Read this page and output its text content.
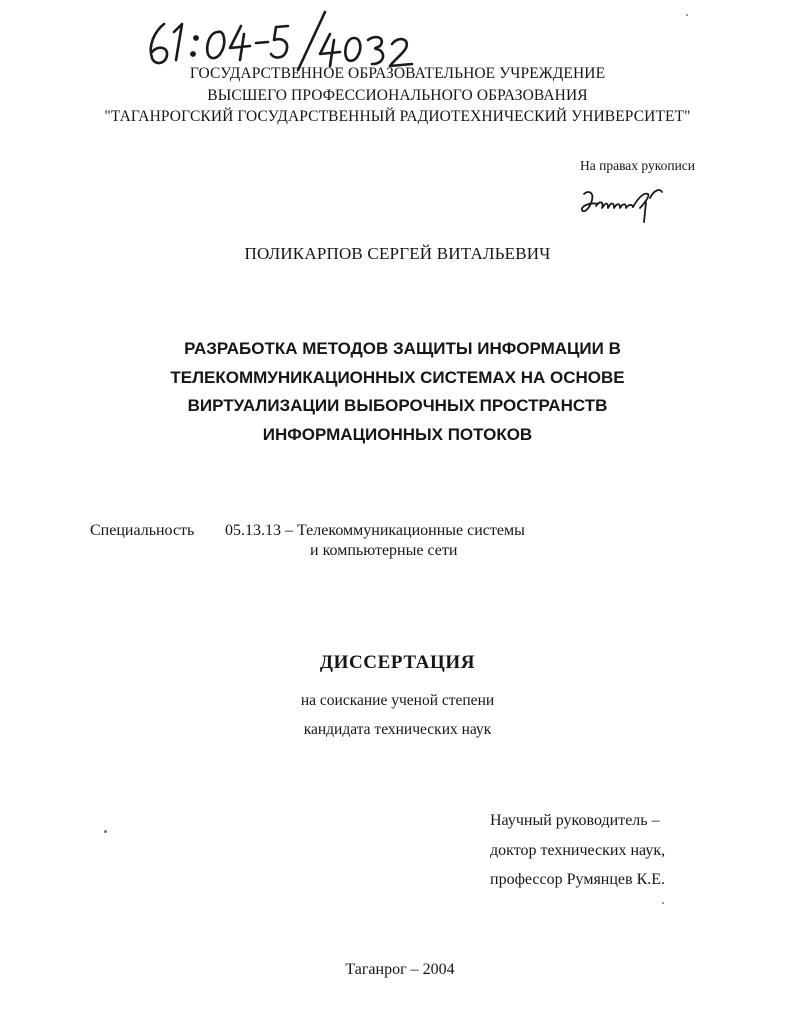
ГОСУДАРСТВЕННОЕ ОБРАЗОВАТЕЛЬНОЕ УЧРЕЖДЕНИЕ
ВЫСШЕГО ПРОФЕССИОНАЛЬНОГО ОБРАЗОВАНИЯ
"ТАГАНРОГСКИЙ ГОСУДАРСТВЕННЫЙ РАДИОТЕХНИЧЕСКИЙ УНИВЕРСИТЕТ"
На правах рукописи
ПОЛИКАРПОВ СЕРГЕЙ ВИТАЛЬЕВИЧ
РАЗРАБОТКА МЕТОДОВ ЗАЩИТЫ ИНФОРМАЦИИ В
ТЕЛЕКОММУНИКАЦИОННЫХ СИСТЕМАХ НА ОСНОВЕ
ВИРТУАЛИЗАЦИИ ВЫБОРОЧНЫХ ПРОСТРАНСТВ
ИНФОРМАЦИОННЫХ ПОТОКОВ
Специальность 05.13.13 – Телекоммуникационные системы
и компьютерные сети
ДИССЕРТАЦИЯ
на соискание ученой степени
кандидата технических наук
Научный руководитель –
доктор технических наук,
профессор Румянцев К.Е.
Таганрог – 2004
